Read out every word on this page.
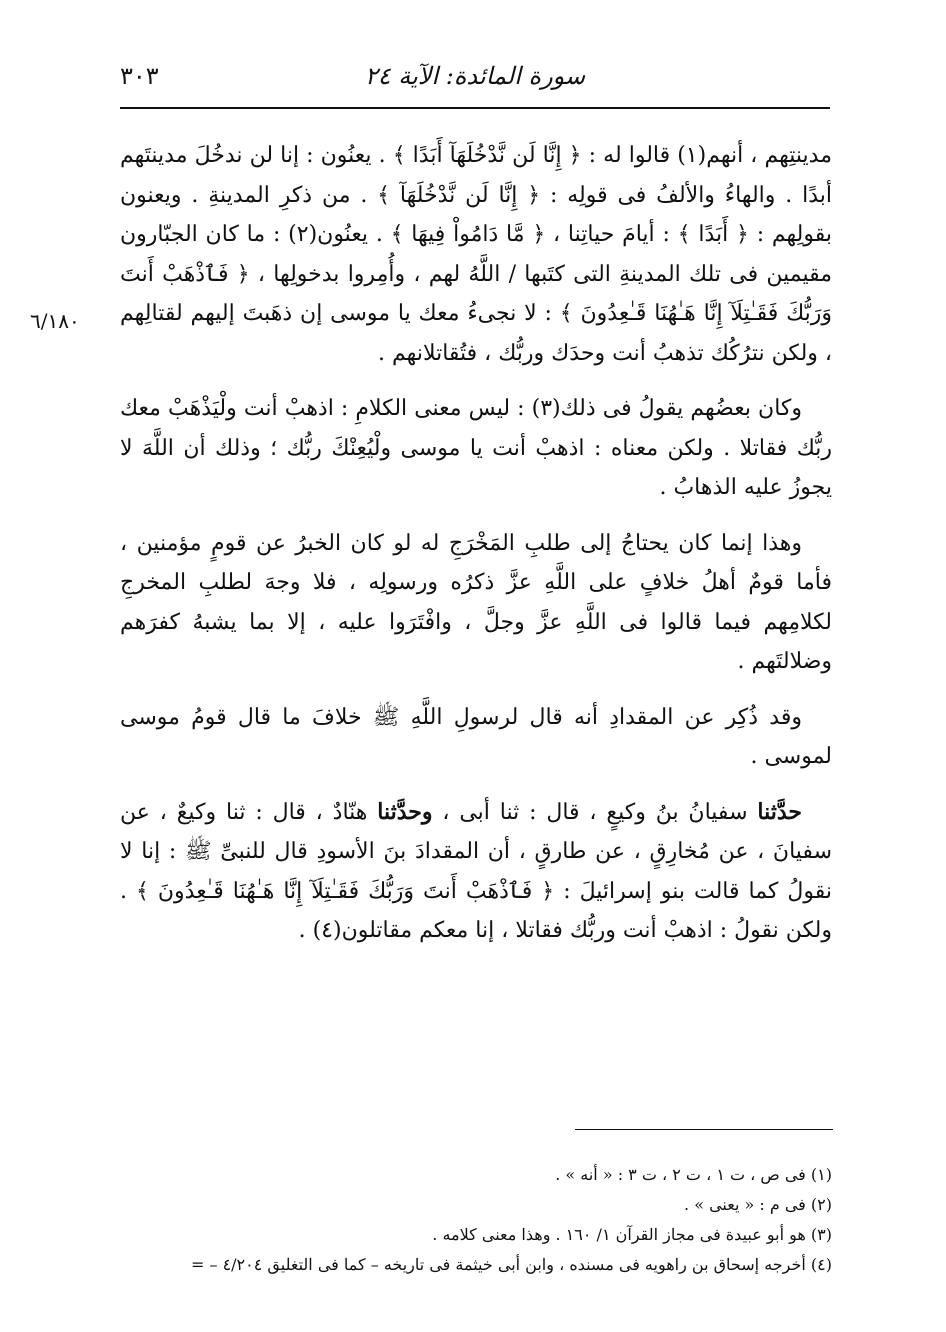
٣٠٣	سورة المائدة: الآية ٢٤
٦/١٨٠

مدينتِهم ، أنهم(١) قالوا له : ﴿ إِنَّا لَن نَّدْخُلَهَآ أَبَدًا ﴾ . يعنُون : إنا لن ندخُلَ مدينتَهم أبدًا . والهاءُ والألفُ فى قولِه : ﴿ إِنَّا لَن نَّدْخُلَهَآ ﴾ . من ذكرِ المدينةِ . ويعنون بقولِهم : ﴿ أَبَدًا ﴾ : أيامَ حياتِنا ، ﴿ مَّا دَامُواْ فِيهَا ﴾ . يعنُون(٢) : ما كان الجبّارون مقيمين فى تلك المدينةِ التى كتَبها / اللَّهُ لهم ، وأُمِروا بدخولِها ، ﴿ فَٱذْهَبْ أَنتَ وَرَبُّكَ فَقَـٰتِلَآ إِنَّا هَـٰهُنَا قَـٰعِدُونَ ﴾ : لا نجىءُ معك يا موسى إن ذهَبتَ إليهم لقتالِهم ، ولكن نترُكُك تذهبُ أنت وحدَك وربُّك ، فتُقاتلانهم .

وكان بعضُهم يقولُ فى ذلك(٣) : ليس معنى الكلامِ : اذهبْ أنت ولْيَذْهَبْ معك ربُّك فقاتلا . ولكن معناه : اذهبْ أنت يا موسى ولْيُعِنْكَ ربُّك ؛ وذلك أن اللَّهَ لا يجوزُ عليه الذهابُ .

وهذا إنما كان يحتاجُ إلى طلبِ المَخْرَجِ له لو كان الخبرُ عن قومٍ مؤمنين ، فأما قومٌ أهلُ خلافٍ على اللَّهِ عزَّ ذكرُه ورسولِه ، فلا وجهَ لطلبِ المخرجِ لكلامِهم فيما قالوا فى اللَّهِ عزَّ وجلَّ ، وافْتَرَوا عليه ، إلا بما يشبهُ كفرَهم وضلالتَهم .

وقد ذُكِر عن المقدادِ أنه قال لرسولِ اللَّهِ ﷺ خلافَ ما قال قومُ موسى لموسى .

حدَّثنا سفيانُ بنُ وكيعٍ ، قال : ثنا أبى ، وحدَّثنا هنّادٌ ، قال : ثنا وكيعٌ ، عن سفيانَ ، عن مُخارِقٍ ، عن طارقٍ ، أن المقدادَ بنَ الأسودِ قال للنبىِّ ﷺ : إنا لا نقولُ كما قالت بنو إسرائيلَ : ﴿ فَٱذْهَبْ أَنتَ وَرَبُّكَ فَقَـٰتِلَآ إِنَّا هَـٰهُنَا قَـٰعِدُونَ ﴾ . ولكن نقولُ : اذهبْ أنت وربُّك فقاتلا ، إنا معكم مقاتلون(٤) .

(١) فى ص ، ت ١ ، ت ٢ ، ت ٣ : « أنه » .

(٢) فى م : « يعنى » .

(٣) هو أبو عبيدة فى مجاز القرآن ١/ ١٦٠ . وهذا معنى كلامه .

(٤) أخرجه إسحاق بن راهويه فى مسنده ، وابن أبى خيثمة فى تاريخه – كما فى التغليق ٤/٢٠٤ – =
